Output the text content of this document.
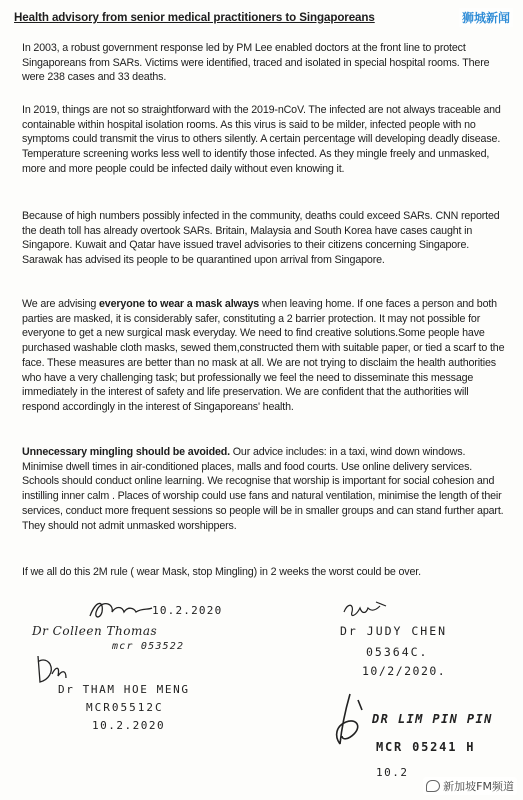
Health advisory from senior medical practitioners to Singaporeans	狮城新闻
In 2003, a robust government response led by PM Lee enabled doctors at the front line to protect Singaporeans from SARs. Victims were identified, traced and isolated in special hospital rooms. There were 238 cases and 33 deaths.
In 2019, things are not so straightforward with the 2019-nCoV. The infected are not always traceable and containable within hospital isolation rooms. As this virus is said to be milder, infected people with no symptoms could transmit the virus to others silently. A certain percentage will developing deadly disease. Temperature screening works less well to identify those infected. As they mingle freely and unmasked, more and more people could be infected daily without even knowing it.
Because of high numbers possibly infected in the community, deaths could exceed SARs. CNN reported the death toll has already overtook SARs. Britain, Malaysia and South Korea have cases caught in Singapore. Kuwait and Qatar have issued travel advisories to their citizens concerning Singapore. Sarawak has advised its people to be quarantined upon arrival from Singapore.
We are advising everyone to wear a mask always when leaving home. If one faces a person and both parties are masked, it is considerably safer, constituting a 2 barrier protection. It may not possible for everyone to get a new surgical mask everyday. We need to find creative solutions.Some people have purchased washable cloth masks, sewed them,constructed them with suitable paper, or tied a scarf to the face. These measures are better than no mask at all. We are not trying to disclaim the health authorities who have a very challenging task; but professionally we feel the need to disseminate this message immediately in the interest of safety and life preservation. We are confident that the authorities will respond accordingly in the interest of Singaporeans' health.
Unnecessary mingling should be avoided. Our advice includes: in a taxi, wind down windows. Minimise dwell times in air-conditioned places, malls and food courts. Use online delivery services. Schools should conduct online learning. We recognise that worship is important for social cohesion and instilling inner calm . Places of worship could use fans and natural ventilation, minimise the length of their services, conduct more frequent sessions so people will be in smaller groups and can stand further apart. They should not admit unmasked worshippers.
If we all do this 2M rule ( wear Mask, stop Mingling) in 2 weeks the worst could be over.
10.2.2020
Dr Colleen Thomas
mcr 053522
Dr JUDY CHEN
05364C.
10/2/2020.
Dr THAM HOE MENG
MCR05512C
10.2.2020	DR LIM PIN PIN
MCR 05241 H
10.2
新加坡FM频道
